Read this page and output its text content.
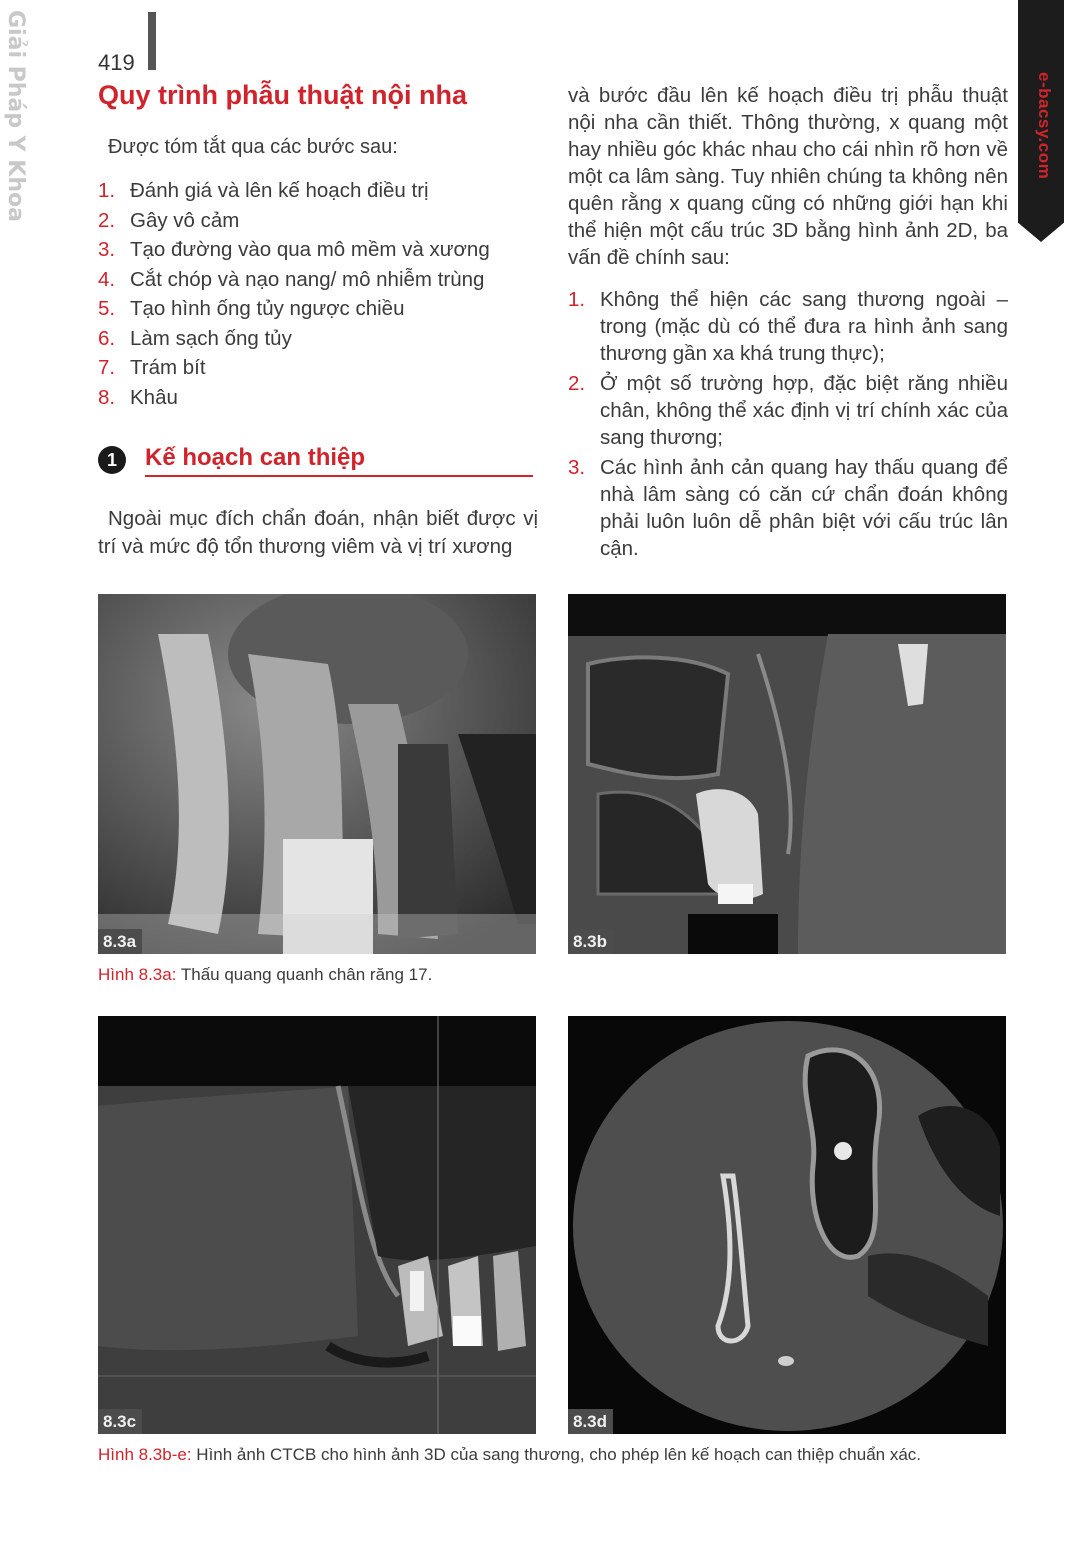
Giải Pháp Y Khoa	419
e-bacsy.com
Quy trình phẫu thuật nội nha
Được tóm tắt qua các bước sau:
1. Đánh giá và lên kế hoạch điều trị
2. Gây vô cảm
3. Tạo đường vào qua mô mềm và xương
4. Cắt chóp và nạo nang/ mô nhiễm trùng
5. Tạo hình ống tủy ngược chiều
6. Làm sạch ống tủy
7. Trám bít
8. Khâu
1	Kế hoạch can thiệp

Ngoài mục đích chẩn đoán, nhận biết được vị trí và mức độ tổn thương viêm và vị trí xương

và bước đầu lên kế hoạch điều trị phẫu thuật nội nha cần thiết. Thông thường, x quang một hay nhiều góc khác nhau cho cái nhìn rõ hơn về một ca lâm sàng. Tuy nhiên chúng ta không nên quên rằng x quang cũng có những giới hạn khi thể hiện một cấu trúc 3D bằng hình ảnh 2D, ba vấn đề chính sau:

1. Không thể hiện các sang thương ngoài – trong (mặc dù có thể đưa ra hình ảnh sang thương gần xa khá trung thực);
2. Ở một số trường hợp, đặc biệt răng nhiều chân, không thể xác định vị trí chính xác của sang thương;
3. Các hình ảnh cản quang hay thấu quang để nhà lâm sàng có căn cứ chẩn đoán không phải luôn luôn dễ phân biệt với cấu trúc lân cận.
8.3a	8.3b
Hình 8.3a: Thấu quang quanh chân răng 17.
8.3c	8.3d
Hình 8.3b-e: Hình ảnh CTCB cho hình ảnh 3D của sang thương, cho phép lên kế hoạch can thiệp chuẩn xác.
